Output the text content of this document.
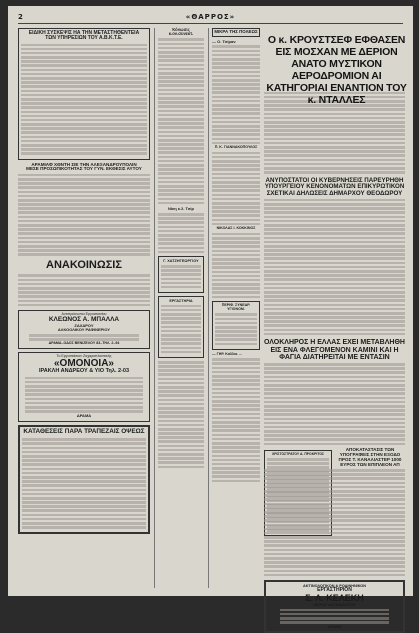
2	«ΘΑΡΡΟΣ»
ΕΙΔΙΚΗ ΣΥΣΚΕΨΙΣ ΗΑ ΤΗΝ ΜΕΤΑΣΤΗΘΕΝΤΕΙΑ
ΤΩΝ ΥΠΗΡΕΣΙΩΝ ΤΟΥ Α.Β.Κ.Τ.Ε.
ΑΡΑΜΙΑΦ ΧΘΝΤΗ ΣΙΕ ΤΗΝ ΑΛΕΞΑΝΔΡΟΥΠΟΛΙΝ
ΜΕΣΕ ΠΡΟΣΩΠΙΚΟΤΗΤΑΣ ΤΟΥ ΓΥΝ. ΕΚΘΕΣΙΣ ΑΥΤΟΥ
ΑΝΑΚΟΙΝΩΣΙΣ
Αντιπρόσωποι Εργοστασίου
ΚΛΕΩΝΟΣ Α. ΜΠΑΛΛΑ
ΖΑΧΑΡΟΥ
ΑΛΚΟΟΛΙΚΟΥ ΡΑΦΙΝΕΡΙΟΥ
ΔΡΑΜΑ–ΟΔΟΣ ΒΕΝΙΖΕΛΟΥ 83–ΤΗΛ. 2–94
Το Εργοστάσιον Ζαχαροπλαστικής
«ΟΜΟΝΟΙΑ»
ΙΡΑΚΛΗ ΑΝΔΡΕΟΥ & ΥΙΟ Τηλ. 2-03
ΔΡΑΜΑ
ΚΑΤΑΘΕΣΕΙΣ ΠΑΡΑ ΤΡΑΠΕΖΑΙΣ ΟΨΕΩΣ
Κόνωσις
κ.ον.συνεκτ.
Νίκη κ.λ. Τσίρ
Γ. ΧΑΤΖΗΓΕΩΡΓΙΟΥ
ΕΡΓΑΣΤΗΡΙΑ
ΜΙΚΡΑ ΤΗΣ ΠΟΛΕΩΣ
— Ο. Τσίραν
Π. Κ. ΓΙΑΝΝΑΚΟΠΟΥΛΟΣ
ΝΙΚΟΛΑΣ Ι. ΚΟΚΚΙΝΟΣ
ΠΕΡΙΦ. ΣΥΝΕΔΡ. ΥΓΙΟΝΟΜ.
— ΓΗΡ. Καλλιο. ...
ΑΝΥΠΟΣΤΑΤΟΙ ΟΙ ΚΥΒΕΡΝΗΣΕΙΣ ΠΑΡΕΥΡΗΘΗ ΥΠΟΥΡΓΕΙΟΥ ΚΕΝΟΝΟΜΑΤΩΝ ΕΠΙΚΥΡΩΤΙΚΟΝ ΣΧΕΤΙΚΑΙ ΔΗΛΩΣΕΙΣ ΔΗΜΑΡΧΟΥ ΘΕΟΔΩΡΟΥ
ΟΛΟΚΛΗΡΟΣ Η ΕΛΛΑΣ ΕΧΕΙ ΜΕΤΑΒΛΗΘΗ ΕΙΣ ΕΝΑ ΦΛΕΓΟΜΕΝΟΝ ΚΑΜΙΝΙ ΚΑΙ Η ΦΑΓΙΑ ΔΙΑΤΗΡΕΙΤΑΙ ΜΕ ΕΝΤΑΣΙΝ
ΧΡΙΣΤΟΣΤΡΑΤΟΥ Α. ΠΡΟΚΡΙΤΟΣ
ΑΠΟΚΑΤΑΣΤΑΣΙΣ ΤΩΝ ΥΠΟΓΡΑΦΕΙΣ ΣΤΗΝ ΕΞΟΔΟ ΠΡΟΣ Τ. ΚΑΝΑΛΙΑΣΤΕΡ 1000 ΕΥΡΟΣ ΤΩΝ ΕΠΙΠΛΕΟΝ ΑΠ
ΑΚΤΙΝΟΛΟΓΙΚΟΝ & ΡΟΔΙΝΗΝΙΚΟΝ
ΕΡΓΑΣΤΗΡΙΟΝ
Σ. Λ. ΚΕΛΕΚΗ
ΙΑΤΡΟΥ ΑΚΤΙΝΟΛΟΓΟΥ
ΔΡΑΜΑ
Ο κ. ΚΡΟΥΣΤΣΕΦ ΕΦΘΑΣΕΝ ΕΙΣ ΜΟΣΧΑΝ ΜΕ ΔΕΡΙΟΝ ΑΝΑΤΟ ΜΥΣΤΙΚΟΝ ΑΕΡΟΔΡΟΜΙΟΝ ΑΙ ΚΑΤΗΓΟΡΙΑΙ ΕΝΑΝΤΙΟΝ ΤΟΥ κ. ΝΤΑΛΛΕΣ
